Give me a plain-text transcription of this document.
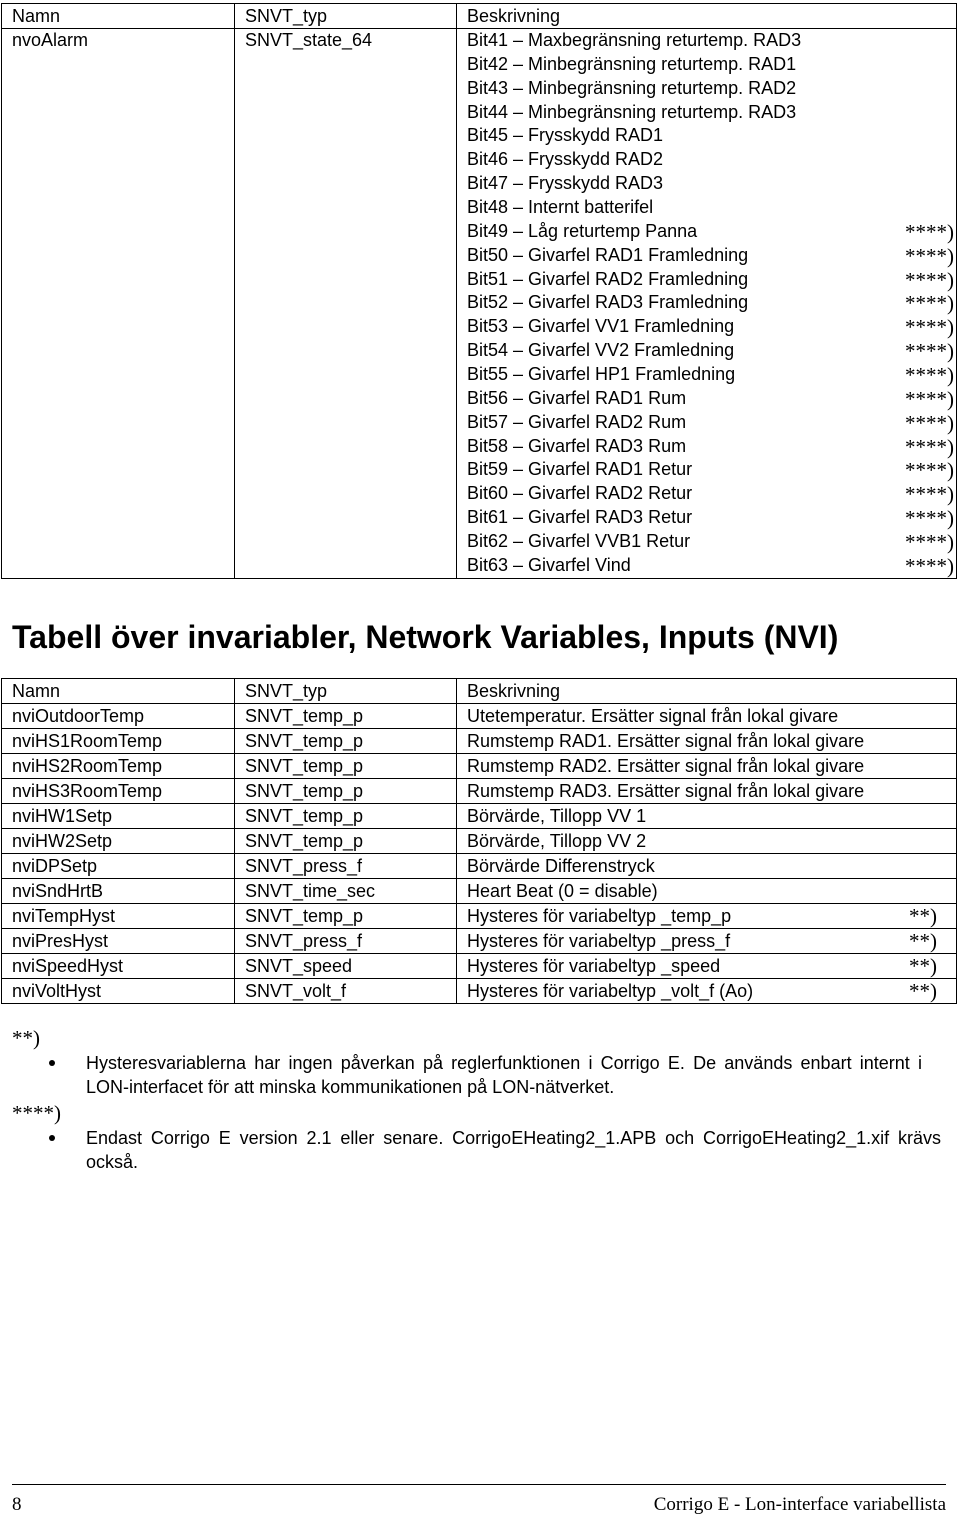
Namn	SNVT_typ	Beskrivning
nvoAlarm	SNVT_state_64	Bit41 – Maxbegränsning returtemp. RAD3
Bit42 – Minbegränsning returtemp. RAD1
Bit43 – Minbegränsning returtemp. RAD2
Bit44 – Minbegränsning returtemp. RAD3
Bit45 – Frysskydd RAD1
Bit46 – Frysskydd RAD2
Bit47 – Frysskydd RAD3
Bit48 – Internt batterifel
Bit49 – Låg returtemp Panna	****)
Bit50 – Givarfel RAD1 Framledning	****)
Bit51 – Givarfel RAD2 Framledning	****)
Bit52 – Givarfel RAD3 Framledning	****)
Bit53 – Givarfel VV1 Framledning	****)
Bit54 – Givarfel VV2 Framledning	****)
Bit55 – Givarfel HP1 Framledning	****)
Bit56 – Givarfel RAD1 Rum	****)
Bit57 – Givarfel RAD2 Rum	****)
Bit58 – Givarfel RAD3 Rum	****)
Bit59 – Givarfel RAD1 Retur	****)
Bit60 – Givarfel RAD2 Retur	****)
Bit61 – Givarfel RAD3 Retur	****)
Bit62 – Givarfel VVB1 Retur	****)
Bit63 – Givarfel Vind	****)
Tabell över invariabler, Network Variables, Inputs (NVI)
Namn	SNVT_typ	Beskrivning
nviOutdoorTemp	SNVT_temp_p	Utetemperatur. Ersätter signal från lokal givare
nviHS1RoomTemp	SNVT_temp_p	Rumstemp RAD1. Ersätter signal från lokal givare
nviHS2RoomTemp	SNVT_temp_p	Rumstemp RAD2. Ersätter signal från lokal givare
nviHS3RoomTemp	SNVT_temp_p	Rumstemp RAD3. Ersätter signal från lokal givare
nviHW1Setp	SNVT_temp_p	Börvärde, Tillopp VV 1
nviHW2Setp	SNVT_temp_p	Börvärde, Tillopp VV 2
nviDPSetp	SNVT_press_f	Börvärde Differenstryck
nviSndHrtB	SNVT_time_sec	Heart Beat (0 = disable)
nviTempHyst	SNVT_temp_p	Hysteres för variabeltyp _temp_p	**)
nviPresHyst	SNVT_press_f	Hysteres för variabeltyp _press_f	**)
nviSpeedHyst	SNVT_speed	Hysteres för variabeltyp _speed	**)
nviVoltHyst	SNVT_volt_f	Hysteres för variabeltyp _volt_f (Ao)	**)
**)
Hysteresvariablerna har ingen påverkan på reglerfunktionen i Corrigo E. De används enbart internt i
LON-interfacet för att minska kommunikationen på LON-nätverket.
****)
Endast Corrigo E version 2.1 eller senare. CorrigoEHeating2_1.APB och CorrigoEHeating2_1.xif krävs
också.
8	Corrigo E - Lon-interface variabellista
